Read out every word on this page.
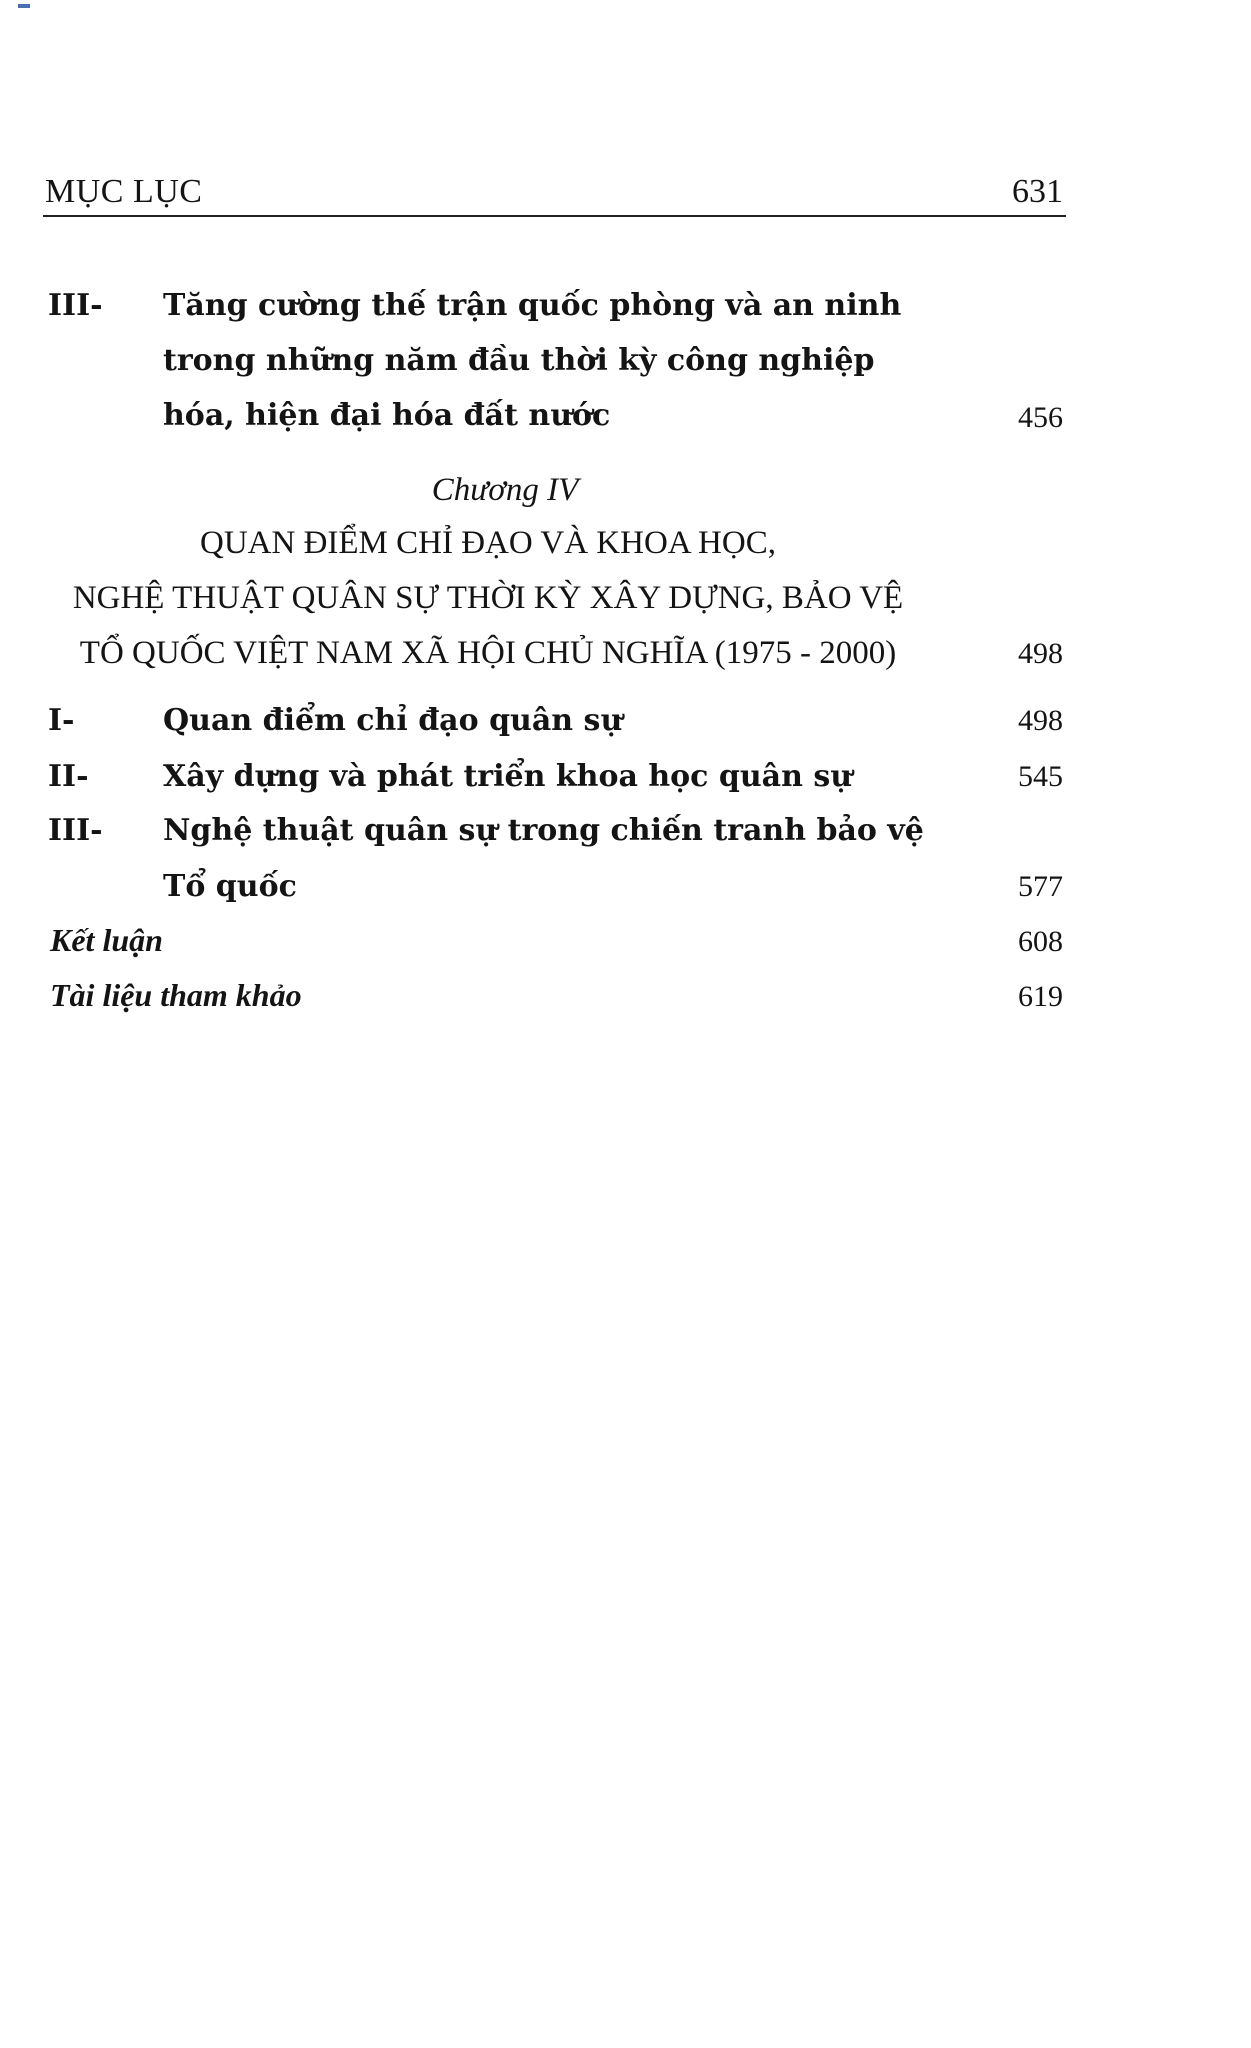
MỤC LỤC	631
III- Tăng cường thế trận quốc phòng và an ninh
trong những năm đầu thời kỳ công nghiệp
hóa, hiện đại hóa đất nước	456
Chương IV
QUAN ĐIỂM CHỈ ĐẠO VÀ KHOA HỌC,
NGHỆ THUẬT QUÂN SỰ THỜI KỲ XÂY DỰNG, BẢO VỆ
TỔ QUỐC VIỆT NAM XÃ HỘI CHỦ NGHĨA (1975 - 2000)	498
I-	Quan điểm chỉ đạo quân sự	498
II- Xây dựng và phát triển khoa học quân sự	545
III- Nghệ thuật quân sự trong chiến tranh bảo vệ
Tổ quốc	577
Kết luận	608
Tài liệu tham khảo	619
